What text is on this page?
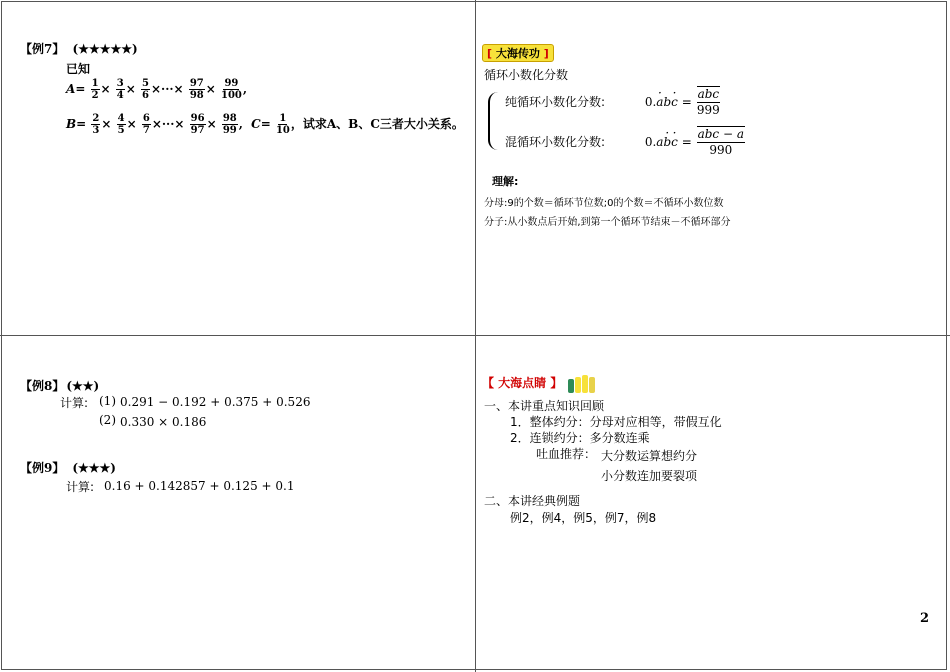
【例7】 (★★★★★)
已知
$A= \frac{1}{2} \times \frac{3}{4} \times \frac{5}{6}$ ×···× $\frac{97}{98} \times \frac{99}{100}$ ,
$B= \frac{2}{3} \times \frac{4}{5} \times \frac{6}{7}$ ×···× $\frac{96}{97} \times \frac{98}{99}$ , $C= \frac{1}{10}$ ，试求A、B、C三者大小关系。
[ 大海传功 ]
循环小数化分数
纯循环小数化分数:	0.a ·bc · = $\frac{\text{abc}}{999}$
混循环小数化分数:	0.ab ·c · = $\frac{\text{abc − a}}{990}$
理解:
分母:9的个数＝循环节位数;0的个数＝不循环小数位数
分子:从小数点后开始,到第一个循环节结束－不循环部分
【例8】 (★★)
计算: (1) 0.291 − 0.192 + 0.375 + 0.526
(2) 0.330 × 0.186
【例9】 (★★★)
计算: 0.16 + 0.142857 + 0.125 + 0.1
【 大海点睛 】
一、本讲重点知识回顾
1．整体约分：分母对应相等，带假互化
2．连锁约分：多分数连乘
吐血推荐： 大分数运算想约分
小分数连加要裂项
二、本讲经典例题
例2，例4，例5，例7，例8
2
